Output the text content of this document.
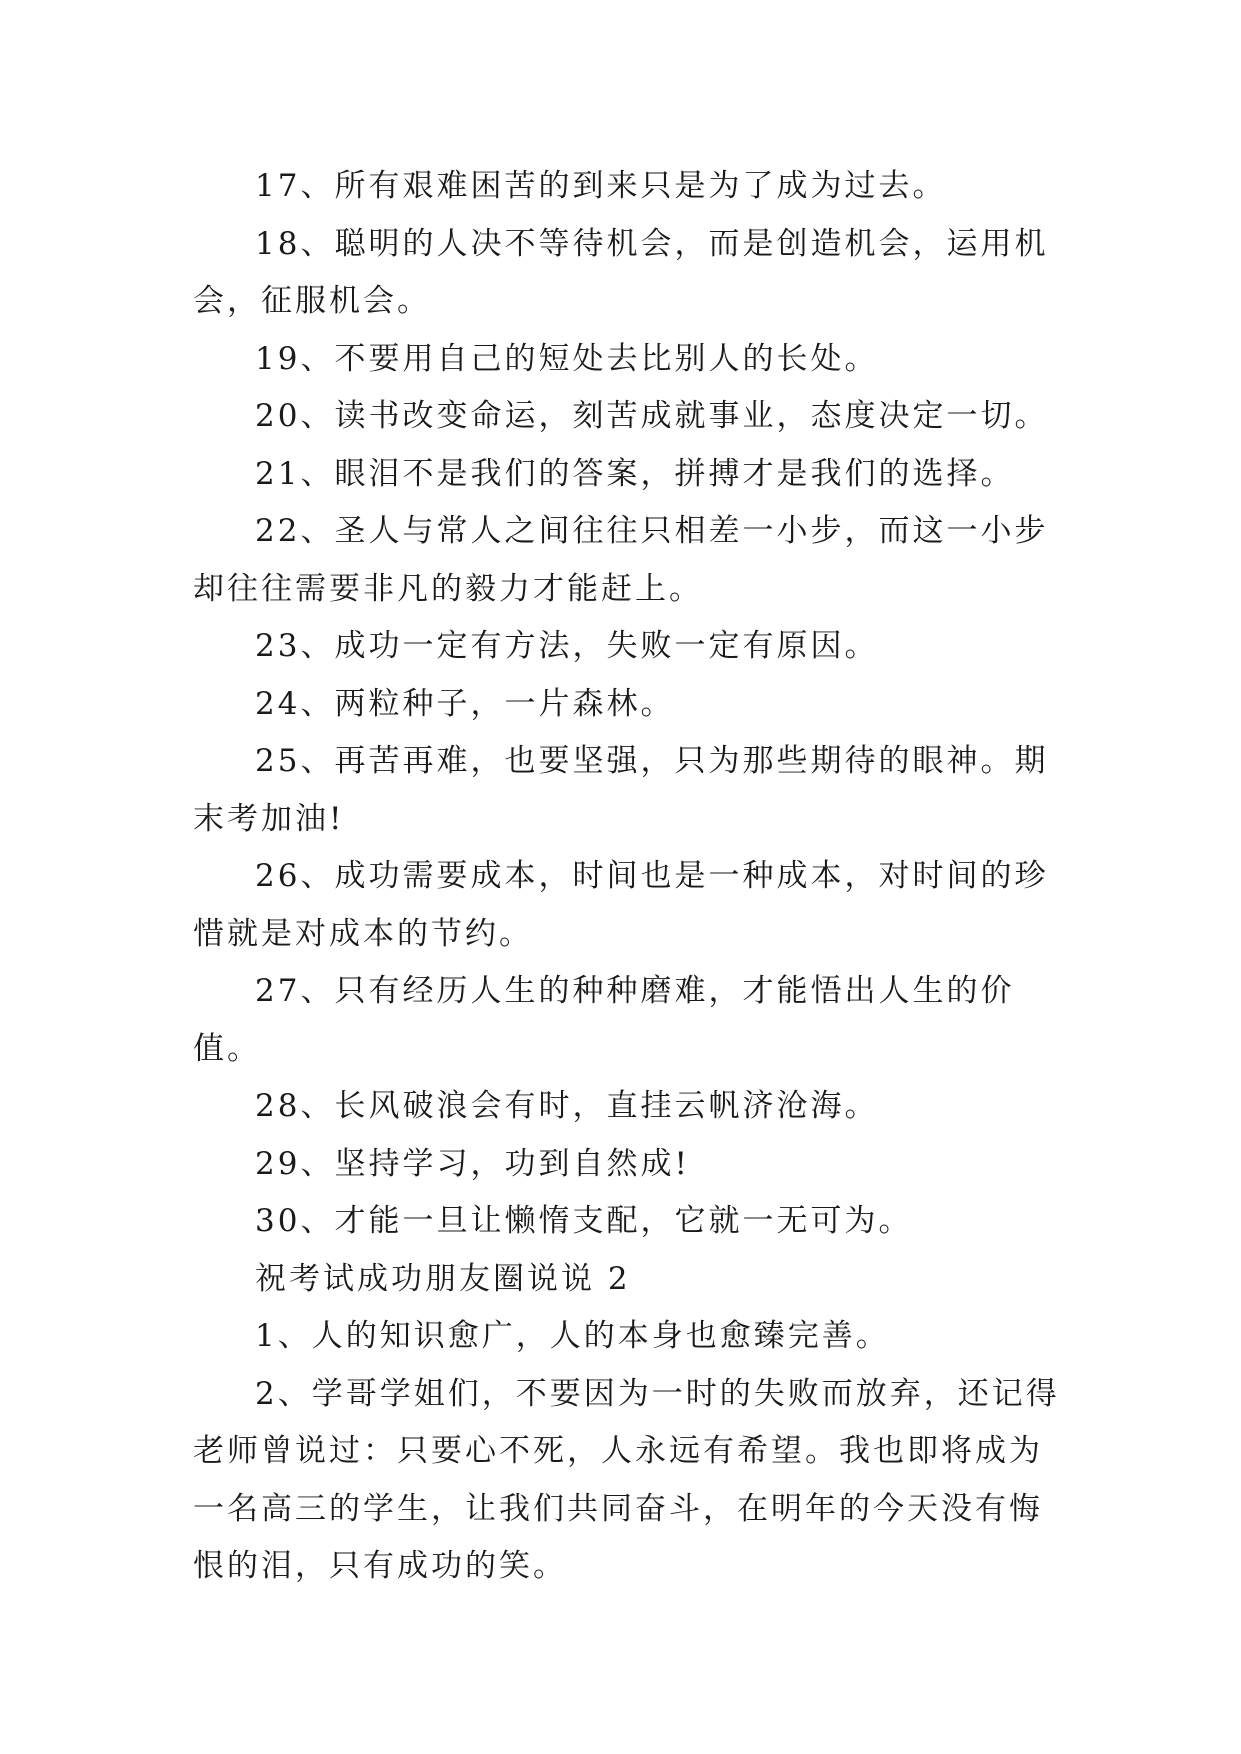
17、所有艰难困苦的到来只是为了成为过去。

18、聪明的人决不等待机会，而是创造机会，运用机会，征服机会。

19、不要用自己的短处去比别人的长处。

20、读书改变命运，刻苦成就事业，态度决定一切。

21、眼泪不是我们的答案，拼搏才是我们的选择。

22、圣人与常人之间往往只相差一小步，而这一小步却往往需要非凡的毅力才能赶上。

23、成功一定有方法，失败一定有原因。

24、两粒种子，一片森林。

25、再苦再难，也要坚强，只为那些期待的眼神。期末考加油!

26、成功需要成本，时间也是一种成本，对时间的珍惜就是对成本的节约。

27、只有经历人生的种种磨难，才能悟出人生的价值。

28、长风破浪会有时，直挂云帆济沧海。

29、坚持学习，功到自然成!

30、才能一旦让懒惰支配，它就一无可为。

祝考试成功朋友圈说说 2

1、人的知识愈广，人的本身也愈臻完善。

2、学哥学姐们，不要因为一时的失败而放弃，还记得老师曾说过：只要心不死，人永远有希望。我也即将成为一名高三的学生，让我们共同奋斗，在明年的今天没有悔恨的泪，只有成功的笑。
